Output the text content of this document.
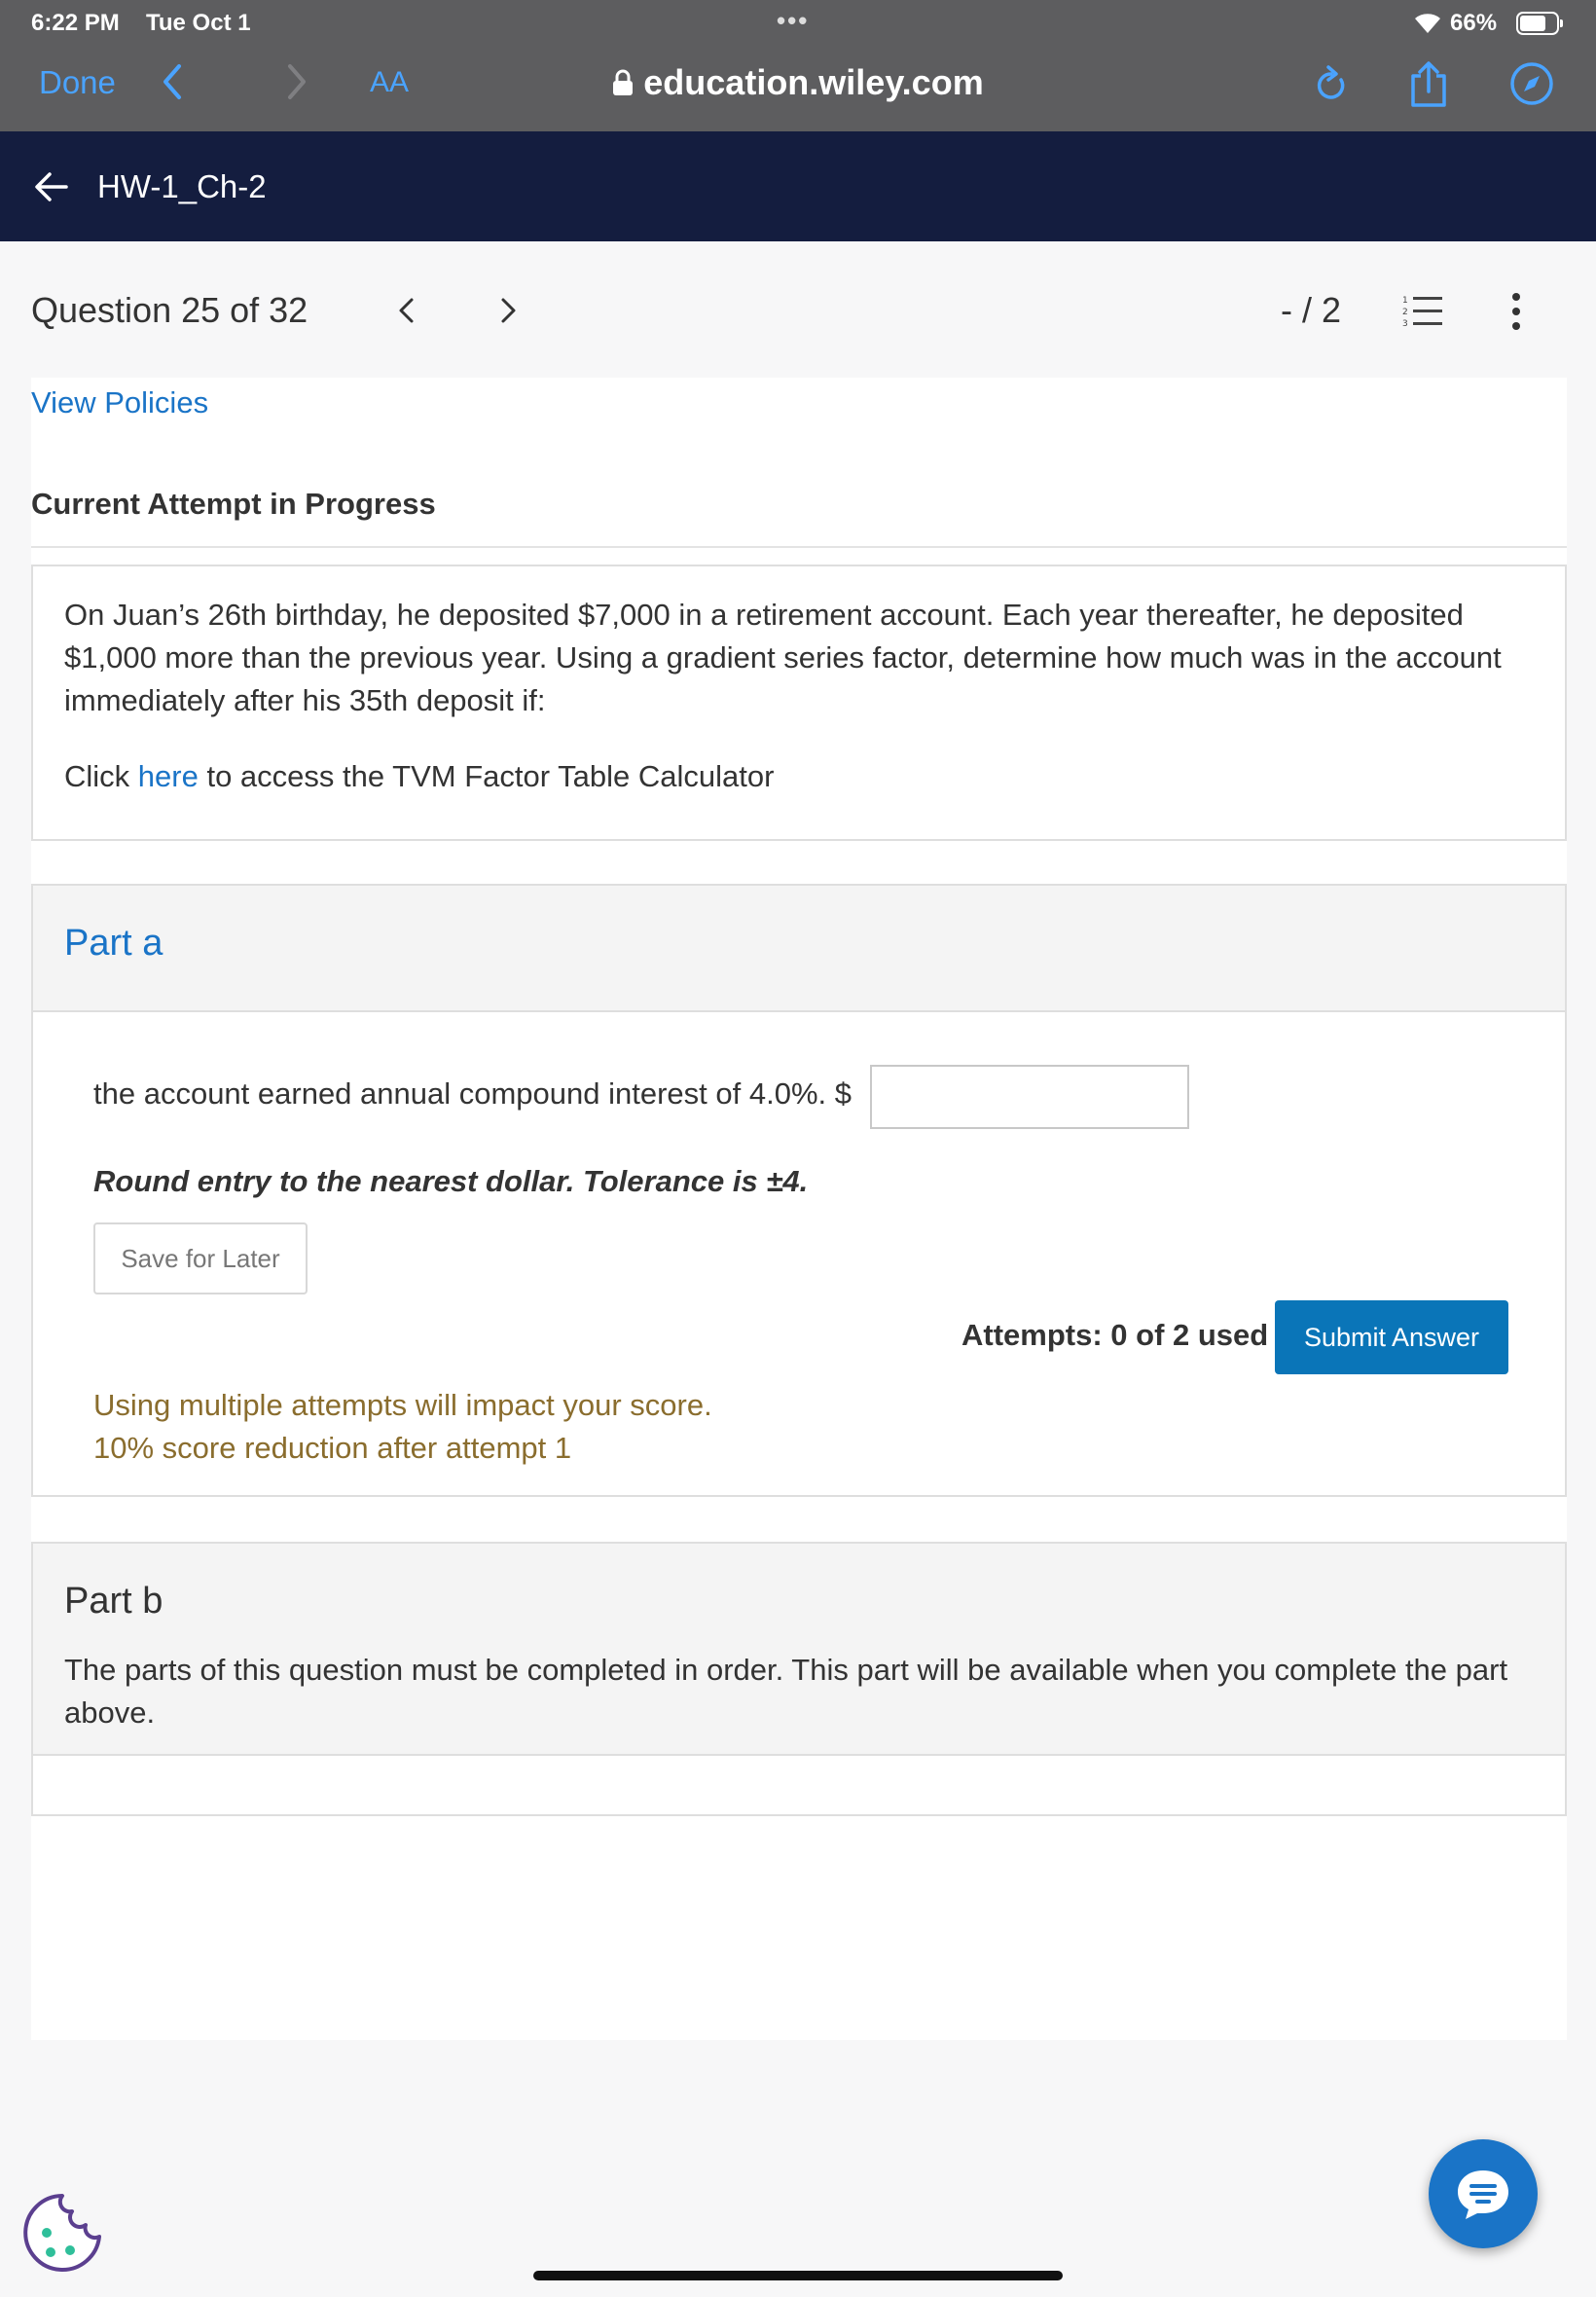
6:22 PM Tue Oct 1	•••	66%
Done	AA	education.wiley.com
HW-1_Ch-2
Question 25 of 32	- / 2	1
2
3
View Policies
Current Attempt in Progress

On Juan’s 26th birthday, he deposited $7,000 in a retirement account. Each year thereafter, he deposited $1,000 more than the previous year. Using a gradient series factor, determine how much was in the account immediately after his 35th deposit if:

Click here to access the TVM Factor Table Calculator

Part a
the account earned annual compound interest of 4.0%. $
Round entry to the nearest dollar. Tolerance is ±4.
Save for Later
Attempts: 0 of 2 used	Submit Answer
Using multiple attempts will impact your score.
10% score reduction after attempt 1
Part b

The parts of this question must be completed in order. This part will be available when you complete the part above.
